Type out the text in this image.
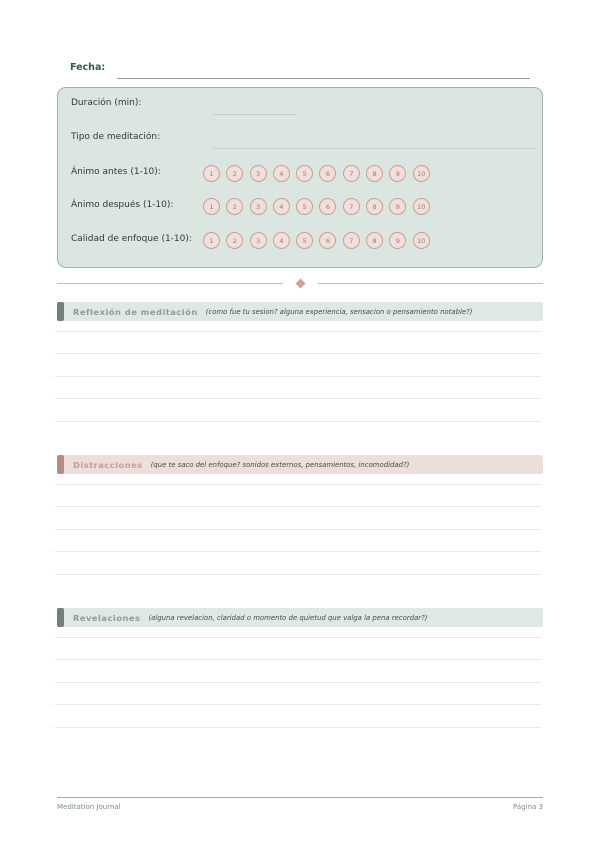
Fecha:
Duración (min):
Tipo de meditación:
Ánimo antes (1-10):	1	2	3	4	5	6	7	8	9	10
Ánimo después (1-10):	1	2	3	4	5	6	7	8	9	10
Calidad de enfoque (1-10):	1	2	3	4	5	6	7	8	9	10
Reflexión de meditación (como fue tu sesion? alguna experiencia, sensacion o pensamiento notable?)
Distracciones (que te saco del enfoque? sonidos externos, pensamientos, incomodidad?)
Revelaciones (alguna revelacion, claridad o momento de quietud que valga la pena recordar?)
Meditation Journal	Página 3
